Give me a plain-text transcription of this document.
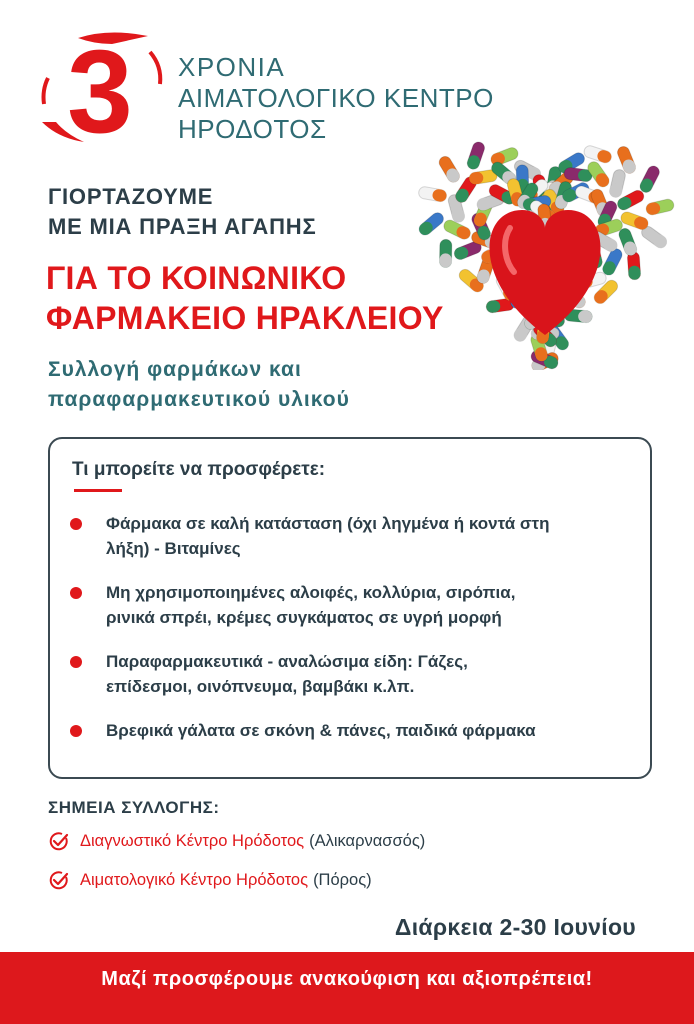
3 ΧΡΟΝΙΑ
ΑΙΜΑΤΟΛΟΓΙΚΟ ΚΕΝΤΡΟ
ΗΡΟΔΟΤΟΣ
ΓΙΟΡΤΑΖΟΥΜΕ
ΜΕ ΜΙΑ ΠΡΑΞΗ ΑΓΑΠΗΣ
ΓΙΑ ΤΟ ΚΟΙΝΩΝΙΚΟ
ΦΑΡΜΑΚΕΙΟ ΗΡΑΚΛΕΙΟΥ
Συλλογή φαρμάκων και
παραφαρμακευτικού υλικού
Τι μπορείτε να προσφέρετε:
Φάρμακα σε καλή κατάσταση (όχι ληγμένα ή κοντά στη
λήξη) - Βιταμίνες
Μη χρησιμοποιημένες αλοιφές, κολλύρια, σιρόπια,
ρινικά σπρέι, κρέμες συγκάματος σε υγρή μορφή
Παραφαρμακευτικά - αναλώσιμα είδη: Γάζες,
επίδεσμοι, οινόπνευμα, βαμβάκι κ.λπ.
Βρεφικά γάλατα σε σκόνη & πάνες, παιδικά φάρμακα
ΣΗΜΕΙΑ ΣΥΛΛΟΓΗΣ:
Διαγνωστικό Κέντρο Ηρόδοτος (Αλικαρνασσός)
Αιματολογικό Κέντρο Ηρόδοτος (Πόρος)
Διάρκεια 2-30 Ιουνίου
Μαζί προσφέρουμε ανακούφιση και αξιοπρέπεια!
